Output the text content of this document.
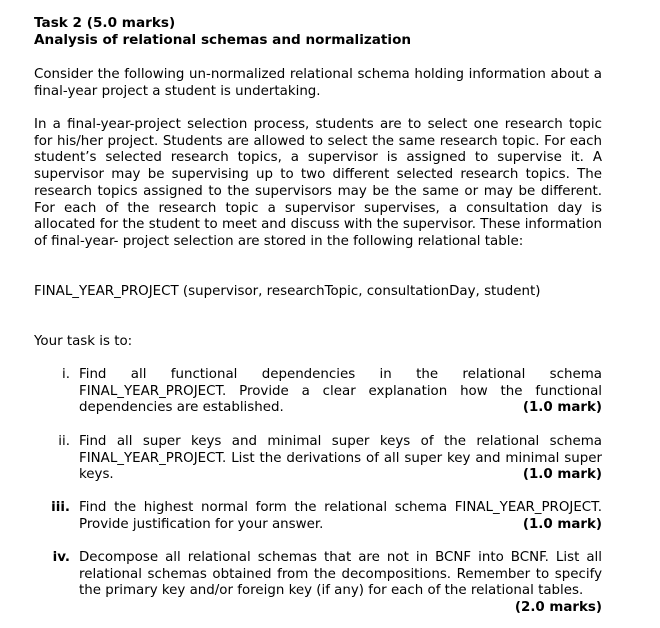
Task 2 (5.0 marks)
Analysis of relational schemas and normalization

Consider the following un-normalized relational schema holding information about a final-year project a student is undertaking.

In a final-year-project selection process, students are to select one research topic for his/her project. Students are allowed to select the same research topic. For each student’s selected research topics, a supervisor is assigned to supervise it. A supervisor may be supervising up to two different selected research topics. The research topics assigned to the supervisors may be the same or may be different. For each of the research topic a supervisor supervises, a consultation day is allocated for the student to meet and discuss with the supervisor. These information of final-year- project selection are stored in the following relational table:

FINAL_YEAR_PROJECT (supervisor, researchTopic, consultationDay, student)

Your task is to:

i. Find all functional dependencies in the relational schema FINAL_YEAR_PROJECT. Provide a clear explanation how the functional dependencies are established.	(1.0 mark)
ii. Find all super keys and minimal super keys of the relational schema FINAL_YEAR_PROJECT. List the derivations of all super key and minimal super keys.	(1.0 mark)
iii. Find the highest normal form the relational schema FINAL_YEAR_PROJECT. Provide justification for your answer.	(1.0 mark)
iv. Decompose all relational schemas that are not in BCNF into BCNF. List all relational schemas obtained from the decompositions. Remember to specify the primary key and/or foreign key (if any) for each of the relational tables.
(2.0 marks)
